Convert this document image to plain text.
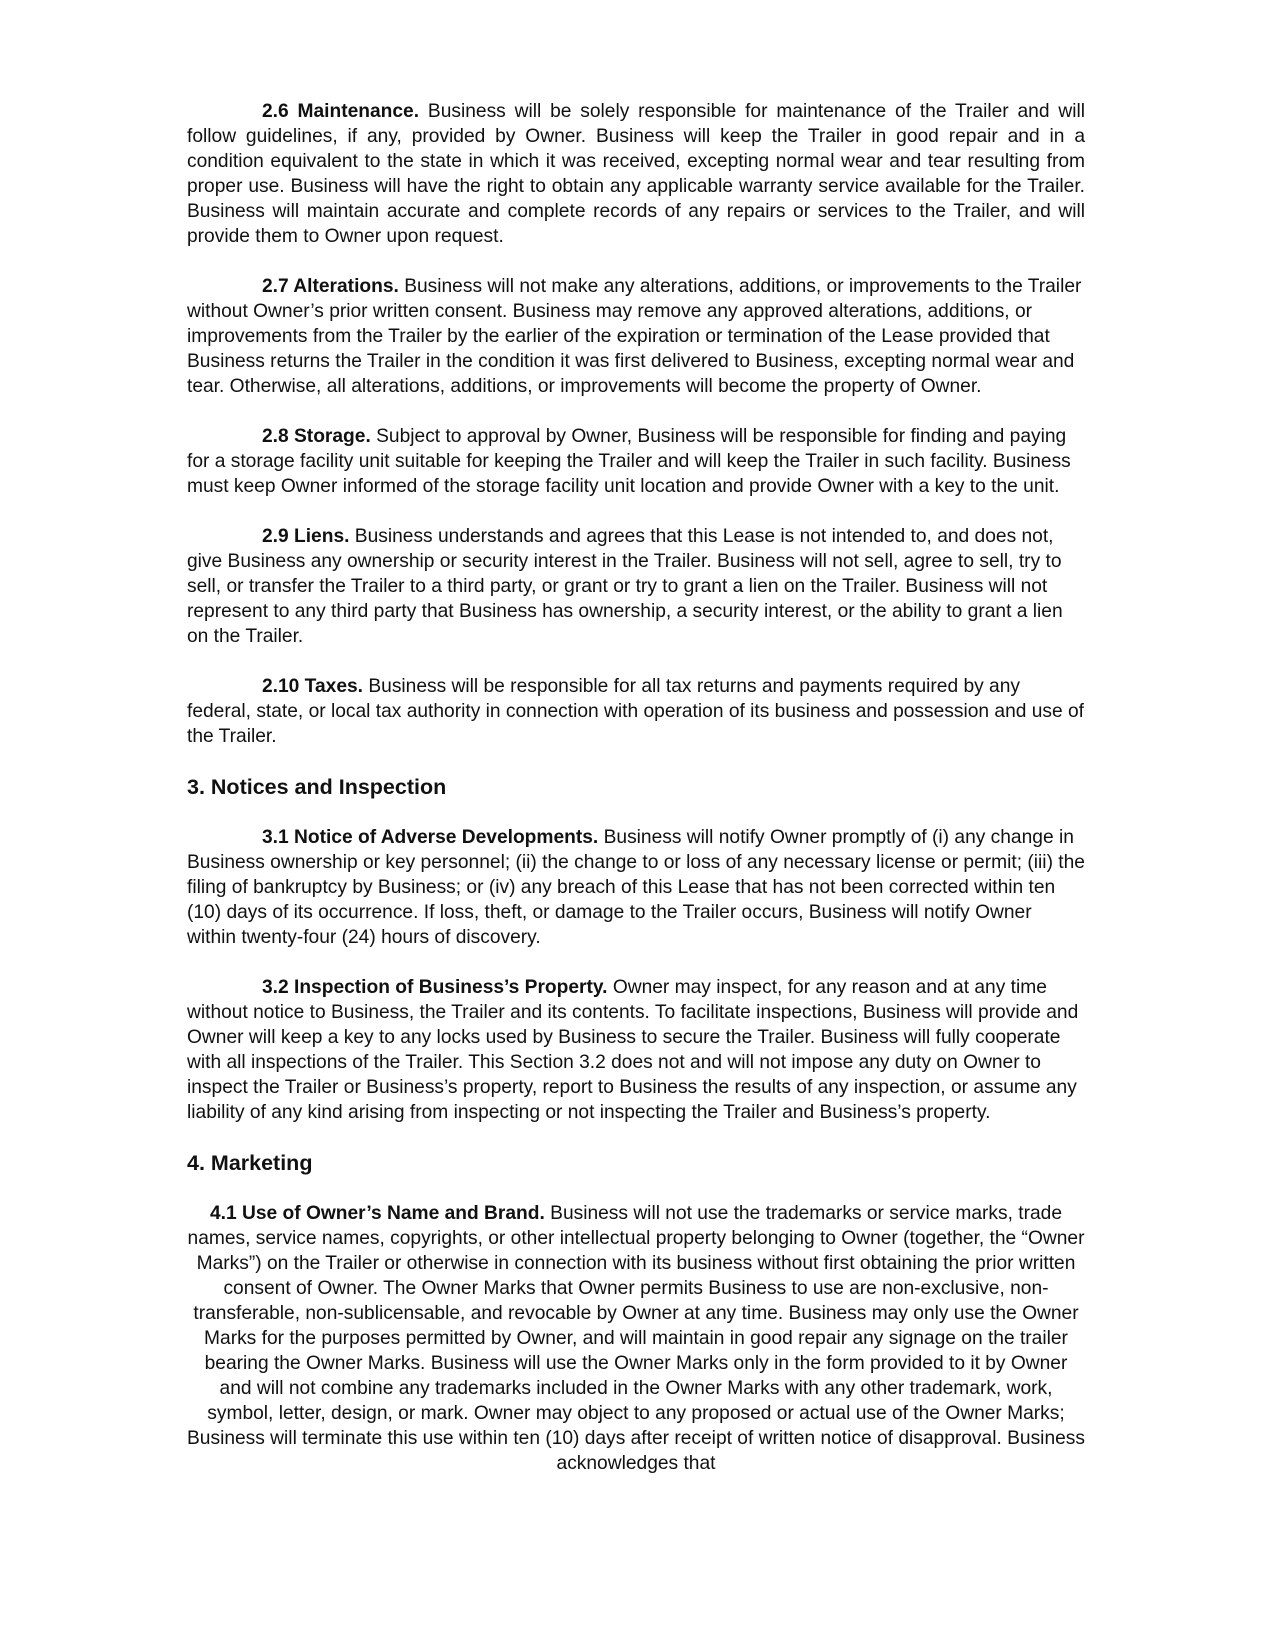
2.6 Maintenance. Business will be solely responsible for maintenance of the Trailer and will follow guidelines, if any, provided by Owner. Business will keep the Trailer in good repair and in a condition equivalent to the state in which it was received, excepting normal wear and tear resulting from proper use. Business will have the right to obtain any applicable warranty service available for the Trailer. Business will maintain accurate and complete records of any repairs or services to the Trailer, and will provide them to Owner upon request.

2.7 Alterations. Business will not make any alterations, additions, or improvements to the Trailer without Owner’s prior written consent. Business may remove any approved alterations, additions, or improvements from the Trailer by the earlier of the expiration or termination of the Lease provided that Business returns the Trailer in the condition it was first delivered to Business, excepting normal wear and tear. Otherwise, all alterations, additions, or improvements will become the property of Owner.

2.8 Storage. Subject to approval by Owner, Business will be responsible for finding and paying for a storage facility unit suitable for keeping the Trailer and will keep the Trailer in such facility. Business must keep Owner informed of the storage facility unit location and provide Owner with a key to the unit.

2.9 Liens. Business understands and agrees that this Lease is not intended to, and does not, give Business any ownership or security interest in the Trailer. Business will not sell, agree to sell, try to sell, or transfer the Trailer to a third party, or grant or try to grant a lien on the Trailer. Business will not represent to any third party that Business has ownership, a security interest, or the ability to grant a lien on the Trailer.

2.10 Taxes. Business will be responsible for all tax returns and payments required by any federal, state, or local tax authority in connection with operation of its business and possession and use of the Trailer.

3. Notices and Inspection

3.1 Notice of Adverse Developments. Business will notify Owner promptly of (i) any change in Business ownership or key personnel; (ii) the change to or loss of any necessary license or permit; (iii) the filing of bankruptcy by Business; or (iv) any breach of this Lease that has not been corrected within ten (10) days of its occurrence. If loss, theft, or damage to the Trailer occurs, Business will notify Owner within twenty-four (24) hours of discovery.

3.2 Inspection of Business’s Property. Owner may inspect, for any reason and at any time without notice to Business, the Trailer and its contents. To facilitate inspections, Business will provide and Owner will keep a key to any locks used by Business to secure the Trailer. Business will fully cooperate with all inspections of the Trailer. This Section 3.2 does not and will not impose any duty on Owner to inspect the Trailer or Business’s property, report to Business the results of any inspection, or assume any liability of any kind arising from inspecting or not inspecting the Trailer and Business’s property.

4. Marketing

4.1 Use of Owner’s Name and Brand. Business will not use the trademarks or service marks, trade names, service names, copyrights, or other intellectual property belonging to Owner (together, the “Owner Marks”) on the Trailer or otherwise in connection with its business without first obtaining the prior written consent of Owner. The Owner Marks that Owner permits Business to use are non-exclusive, non-transferable, non-sublicensable, and revocable by Owner at any time. Business may only use the Owner Marks for the purposes permitted by Owner, and will maintain in good repair any signage on the trailer bearing the Owner Marks. Business will use the Owner Marks only in the form provided to it by Owner and will not combine any trademarks included in the Owner Marks with any other trademark, work, symbol, letter, design, or mark. Owner may object to any proposed or actual use of the Owner Marks; Business will terminate this use within ten (10) days after receipt of written notice of disapproval. Business acknowledges that
